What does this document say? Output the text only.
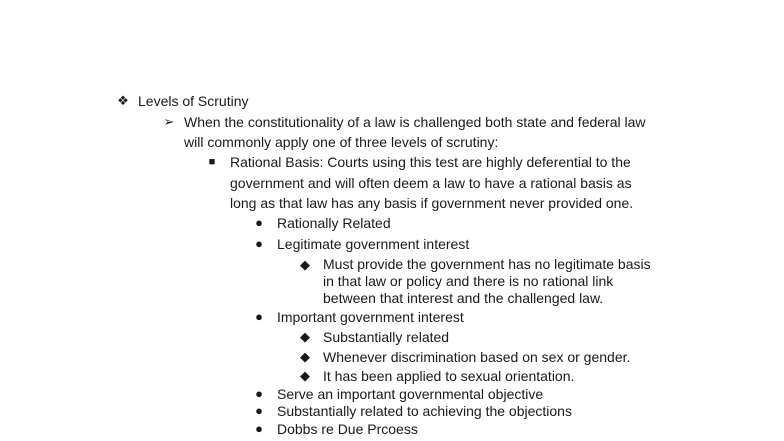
❖ Levels of Scrutiny
➢ When the constitutionality of a law is challenged both state and federal law
will commonly apply one of three levels of scrutiny:
■ Rational Basis: Courts using this test are highly deferential to the
government and will often deem a law to have a rational basis as
long as that law has any basis if government never provided one.
● Rationally Related
● Legitimate government interest
◆ Must provide the government has no legitimate basis
in that law or policy and there is no rational link
between that interest and the challenged law.
● Important government interest
◆ Substantially related
◆ Whenever discrimination based on sex or gender.
◆ It has been applied to sexual orientation.
● Serve an important governmental objective
● Substantially related to achieving the objections
● Dobbs re Due Prcoess
